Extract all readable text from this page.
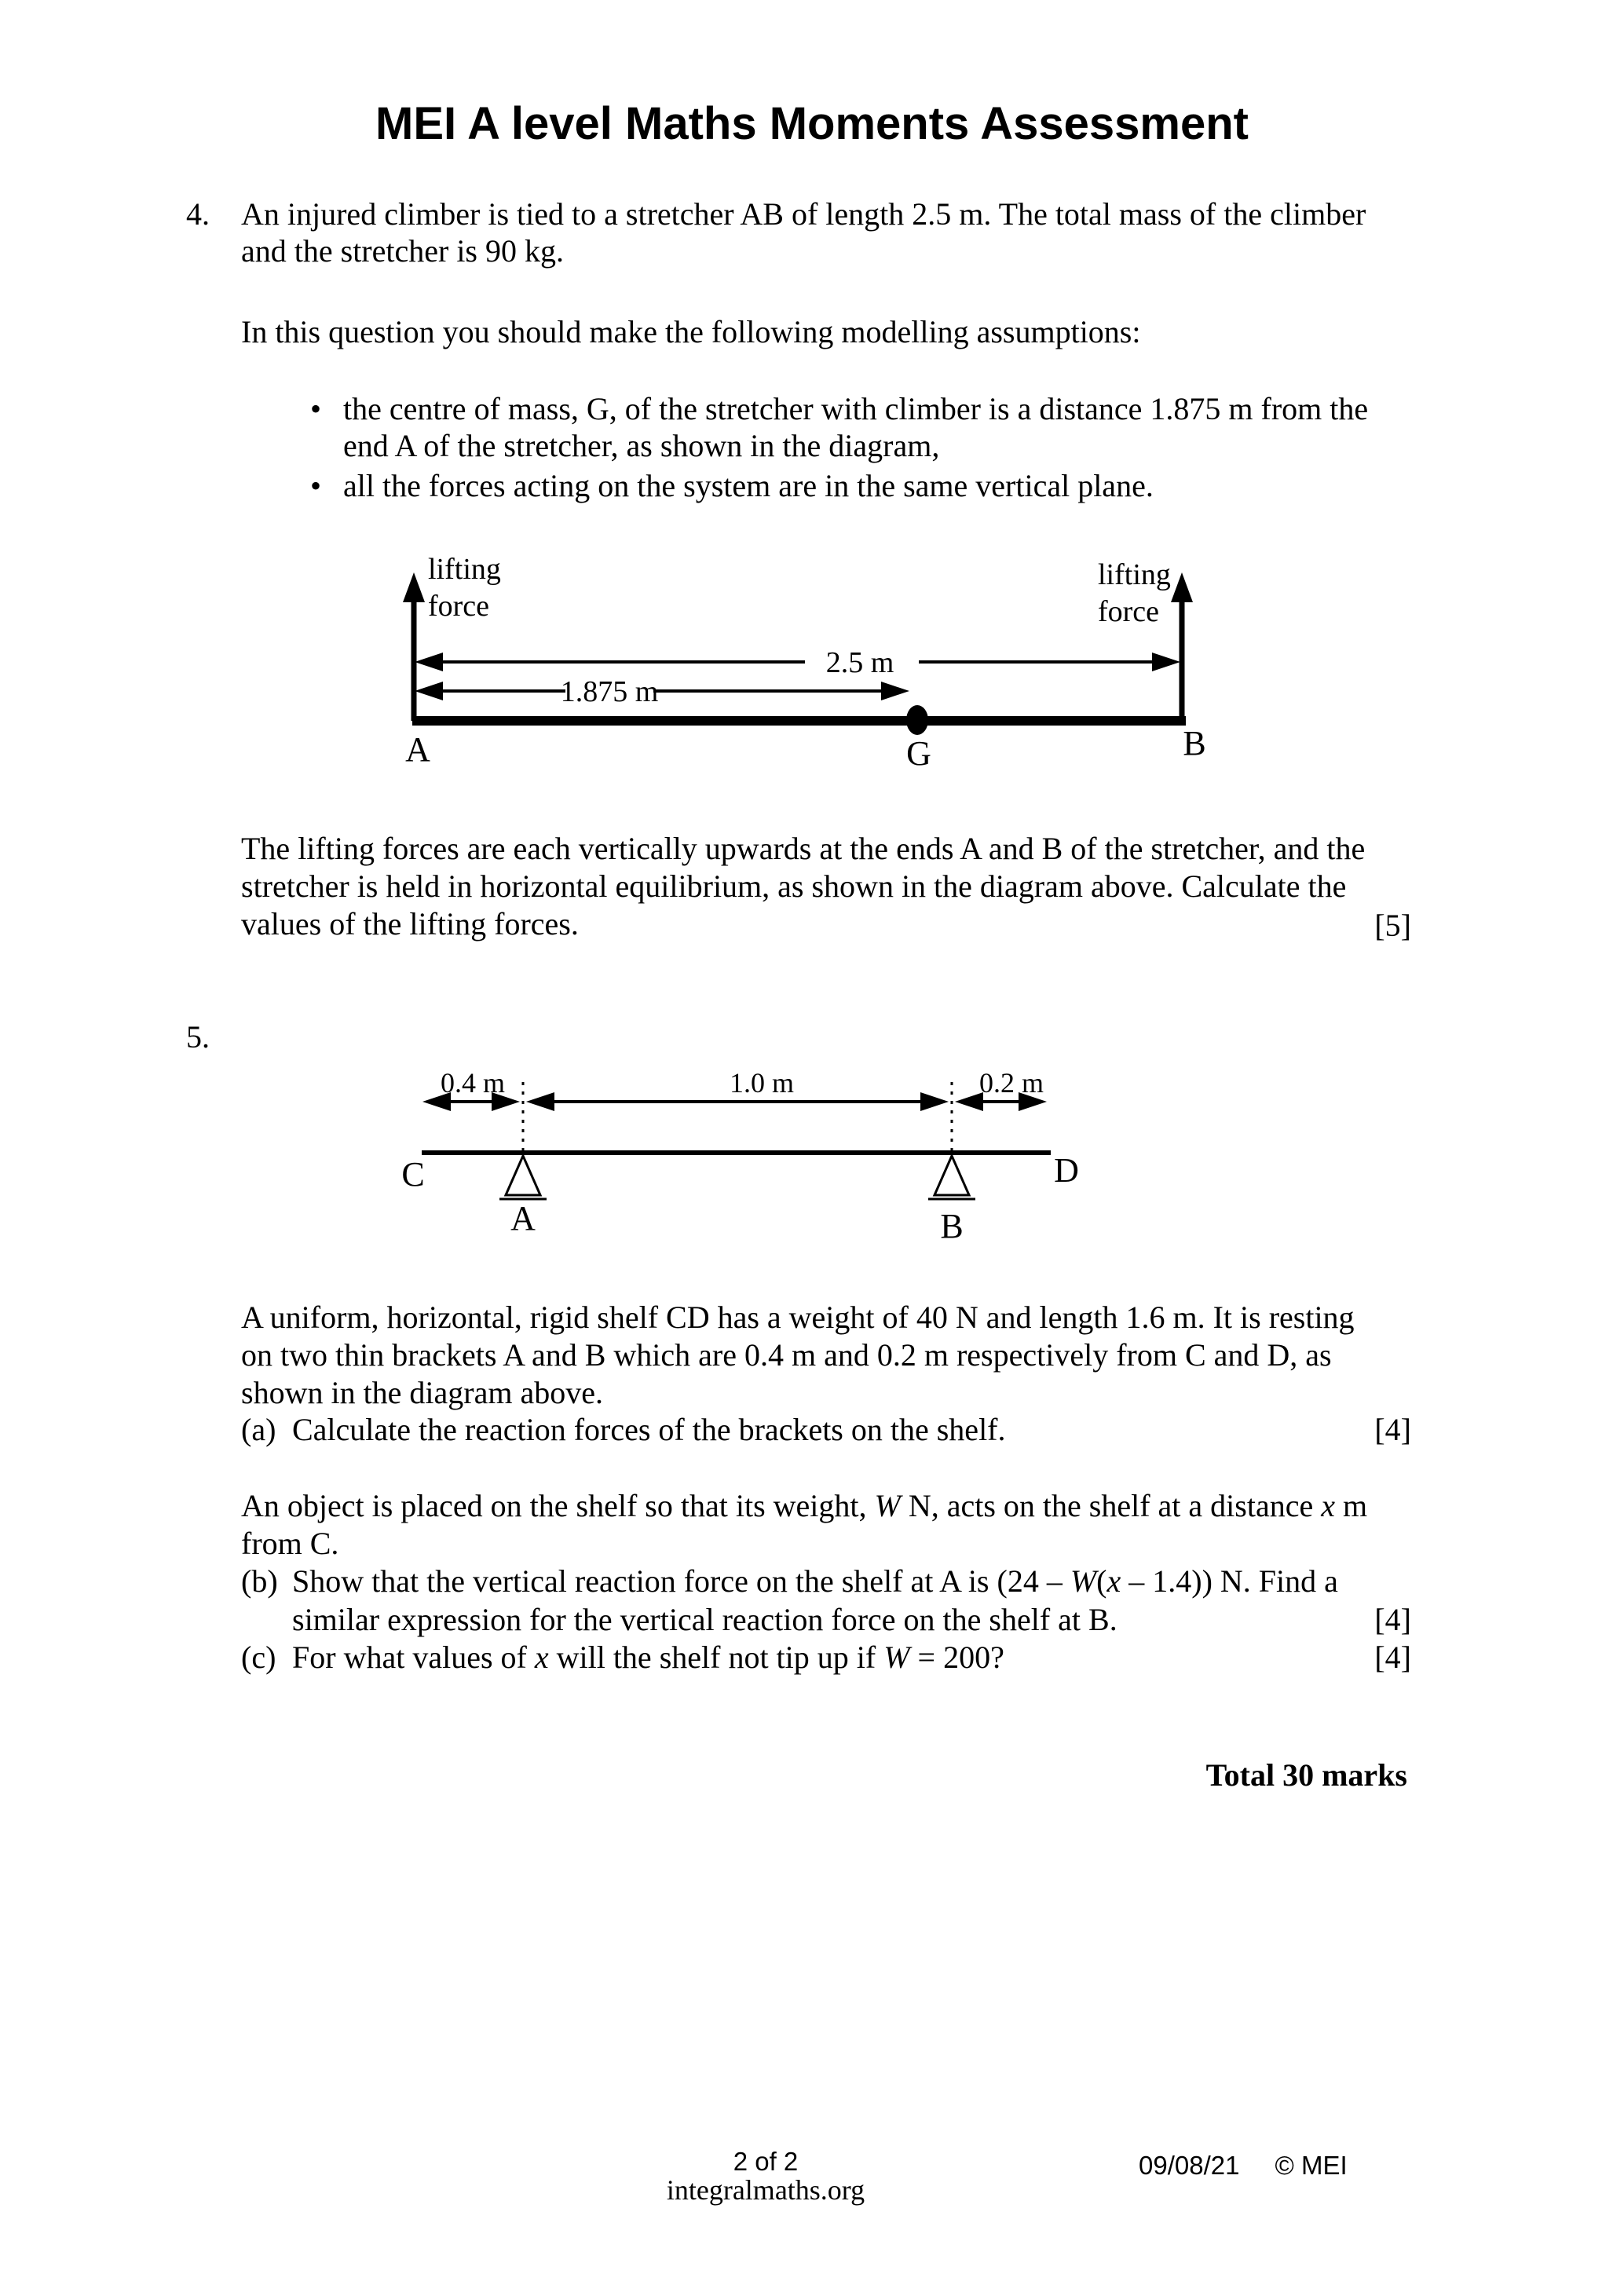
MEI A level Maths Moments Assessment
4. An injured climber is tied to a stretcher AB of length 2.5 m. The total mass of the climber
and the stretcher is 90 kg.
In this question you should make the following modelling assumptions:
• the centre of mass, G, of the stretcher with climber is a distance 1.875 m from the
end A of the stretcher, as shown in the diagram,
• all the forces acting on the system are in the same vertical plane.
2.5 m
1.875 m
lifting
force
lifting
force
A	G	B
The lifting forces are each vertically upwards at the ends A and B of the stretcher, and the
stretcher is held in horizontal equilibrium, as shown in the diagram above. Calculate the
values of the lifting forces.	[5]
5.
0.4 m	1.0 m	0.2 m
C	D
A	B
A uniform, horizontal, rigid shelf CD has a weight of 40 N and length 1.6 m. It is resting
on two thin brackets A and B which are 0.4 m and 0.2 m respectively from C and D, as
shown in the diagram above.
(a) Calculate the reaction forces of the brackets on the shelf.	[4]
An object is placed on the shelf so that its weight, W N, acts on the shelf at a distance x m
from C.
(b) Show that the vertical reaction force on the shelf at A is (24 – W(x – 1.4)) N. Find a
similar expression for the vertical reaction force on the shelf at B.	[4]
(c) For what values of x will the shelf not tip up if W = 200?	[4]
Total 30 marks
2 of 2
integralmaths.org
09/08/21 © MEI
